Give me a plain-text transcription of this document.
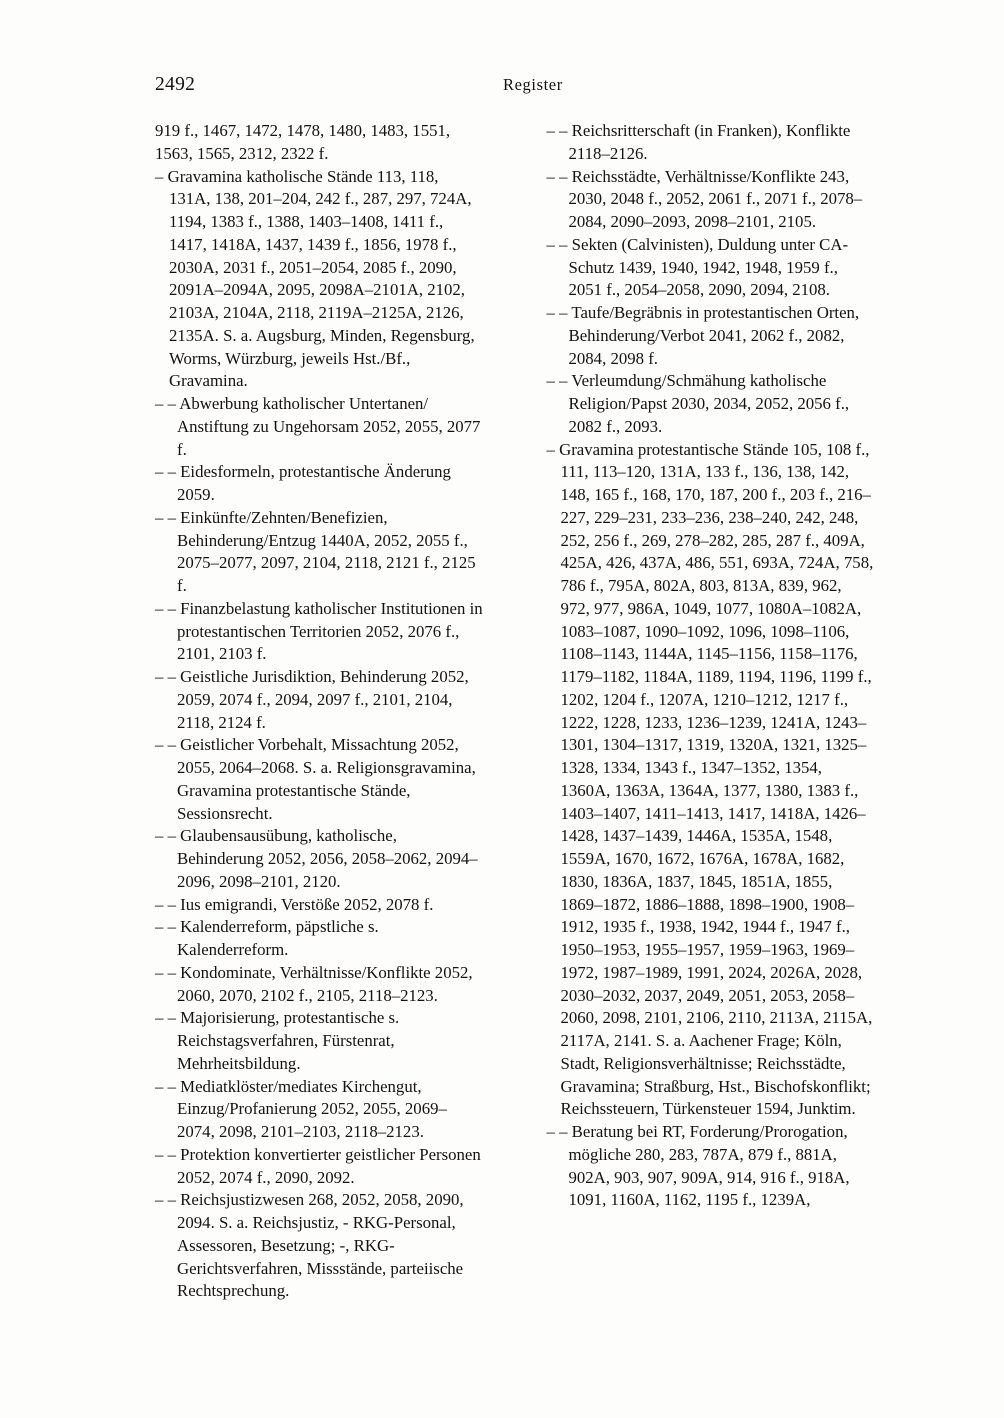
2492	Register

919 f., 1467, 1472, 1478, 1480, 1483, 1551, 1563, 1565, 2312, 2322 f.

– Gravamina katholische Stände 113, 118, 131A, 138, 201–204, 242 f., 287, 297, 724A, 1194, 1383 f., 1388, 1403–1408, 1411 f., 1417, 1418A, 1437, 1439 f., 1856, 1978 f., 2030A, 2031 f., 2051–2054, 2085 f., 2090, 2091A–2094A, 2095, 2098A–2101A, 2102, 2103A, 2104A, 2118, 2119A–2125A, 2126, 2135A. S. a. Augsburg, Minden, Regensburg, Worms, Würzburg, jeweils Hst./Bf., Gravamina.

– – Abwerbung katholischer Untertanen/ Anstiftung zu Ungehorsam 2052, 2055, 2077 f.

– – Eidesformeln, protestantische Änderung 2059.

– – Einkünfte/Zehnten/Benefizien, Behinderung/Entzug 1440A, 2052, 2055 f., 2075–2077, 2097, 2104, 2118, 2121 f., 2125 f.

– – Finanzbelastung katholischer Institutionen in protestantischen Territorien 2052, 2076 f., 2101, 2103 f.

– – Geistliche Jurisdiktion, Behinderung 2052, 2059, 2074 f., 2094, 2097 f., 2101, 2104, 2118, 2124 f.

– – Geistlicher Vorbehalt, Missachtung 2052, 2055, 2064–2068. S. a. Religionsgravamina, Gravamina protestantische Stände, Sessionsrecht.

– – Glaubensausübung, katholische, Behinderung 2052, 2056, 2058–2062, 2094–2096, 2098–2101, 2120.

– – Ius emigrandi, Verstöße 2052, 2078 f.

– – Kalenderreform, päpstliche s. Kalenderreform.

– – Kondominate, Verhältnisse/Konflikte 2052, 2060, 2070, 2102 f., 2105, 2118–2123.

– – Majorisierung, protestantische s. Reichstagsverfahren, Fürstenrat, Mehrheitsbildung.

– – Mediatklöster/mediates Kirchengut, Einzug/Profanierung 2052, 2055, 2069–2074, 2098, 2101–2103, 2118–2123.

– – Protektion konvertierter geistlicher Personen 2052, 2074 f., 2090, 2092.

– – Reichsjustizwesen 268, 2052, 2058, 2090, 2094. S. a. Reichsjustiz, - RKG-Personal, Assessoren, Besetzung; -, RKG-Gerichtsverfahren, Missstände, parteiische Rechtsprechung.

– – Reichsritterschaft (in Franken), Konflikte 2118–2126.

– – Reichsstädte, Verhältnisse/Konflikte 243, 2030, 2048 f., 2052, 2061 f., 2071 f., 2078–2084, 2090–2093, 2098–2101, 2105.

– – Sekten (Calvinisten), Duldung unter CA-Schutz 1439, 1940, 1942, 1948, 1959 f., 2051 f., 2054–2058, 2090, 2094, 2108.

– – Taufe/Begräbnis in protestantischen Orten, Behinderung/Verbot 2041, 2062 f., 2082, 2084, 2098 f.

– – Verleumdung/Schmähung katholische Religion/Papst 2030, 2034, 2052, 2056 f., 2082 f., 2093.

– Gravamina protestantische Stände 105, 108 f., 111, 113–120, 131A, 133 f., 136, 138, 142, 148, 165 f., 168, 170, 187, 200 f., 203 f., 216–227, 229–231, 233–236, 238–240, 242, 248, 252, 256 f., 269, 278–282, 285, 287 f., 409A, 425A, 426, 437A, 486, 551, 693A, 724A, 758, 786 f., 795A, 802A, 803, 813A, 839, 962, 972, 977, 986A, 1049, 1077, 1080A–1082A, 1083–1087, 1090–1092, 1096, 1098–1106, 1108–1143, 1144A, 1145–1156, 1158–1176, 1179–1182, 1184A, 1189, 1194, 1196, 1199 f., 1202, 1204 f., 1207A, 1210–1212, 1217 f., 1222, 1228, 1233, 1236–1239, 1241A, 1243–1301, 1304–1317, 1319, 1320A, 1321, 1325–1328, 1334, 1343 f., 1347–1352, 1354, 1360A, 1363A, 1364A, 1377, 1380, 1383 f., 1403–1407, 1411–1413, 1417, 1418A, 1426–1428, 1437–1439, 1446A, 1535A, 1548, 1559A, 1670, 1672, 1676A, 1678A, 1682, 1830, 1836A, 1837, 1845, 1851A, 1855, 1869–1872, 1886–1888, 1898–1900, 1908–1912, 1935 f., 1938, 1942, 1944 f., 1947 f., 1950–1953, 1955–1957, 1959–1963, 1969–1972, 1987–1989, 1991, 2024, 2026A, 2028, 2030–2032, 2037, 2049, 2051, 2053, 2058–2060, 2098, 2101, 2106, 2110, 2113A, 2115A, 2117A, 2141. S. a. Aachener Frage; Köln, Stadt, Religionsverhältnisse; Reichsstädte, Gravamina; Straßburg, Hst., Bischofskonflikt; Reichssteuern, Türkensteuer 1594, Junktim.

– – Beratung bei RT, Forderung/Prorogation, mögliche 280, 283, 787A, 879 f., 881A, 902A, 903, 907, 909A, 914, 916 f., 918A, 1091, 1160A, 1162, 1195 f., 1239A,
